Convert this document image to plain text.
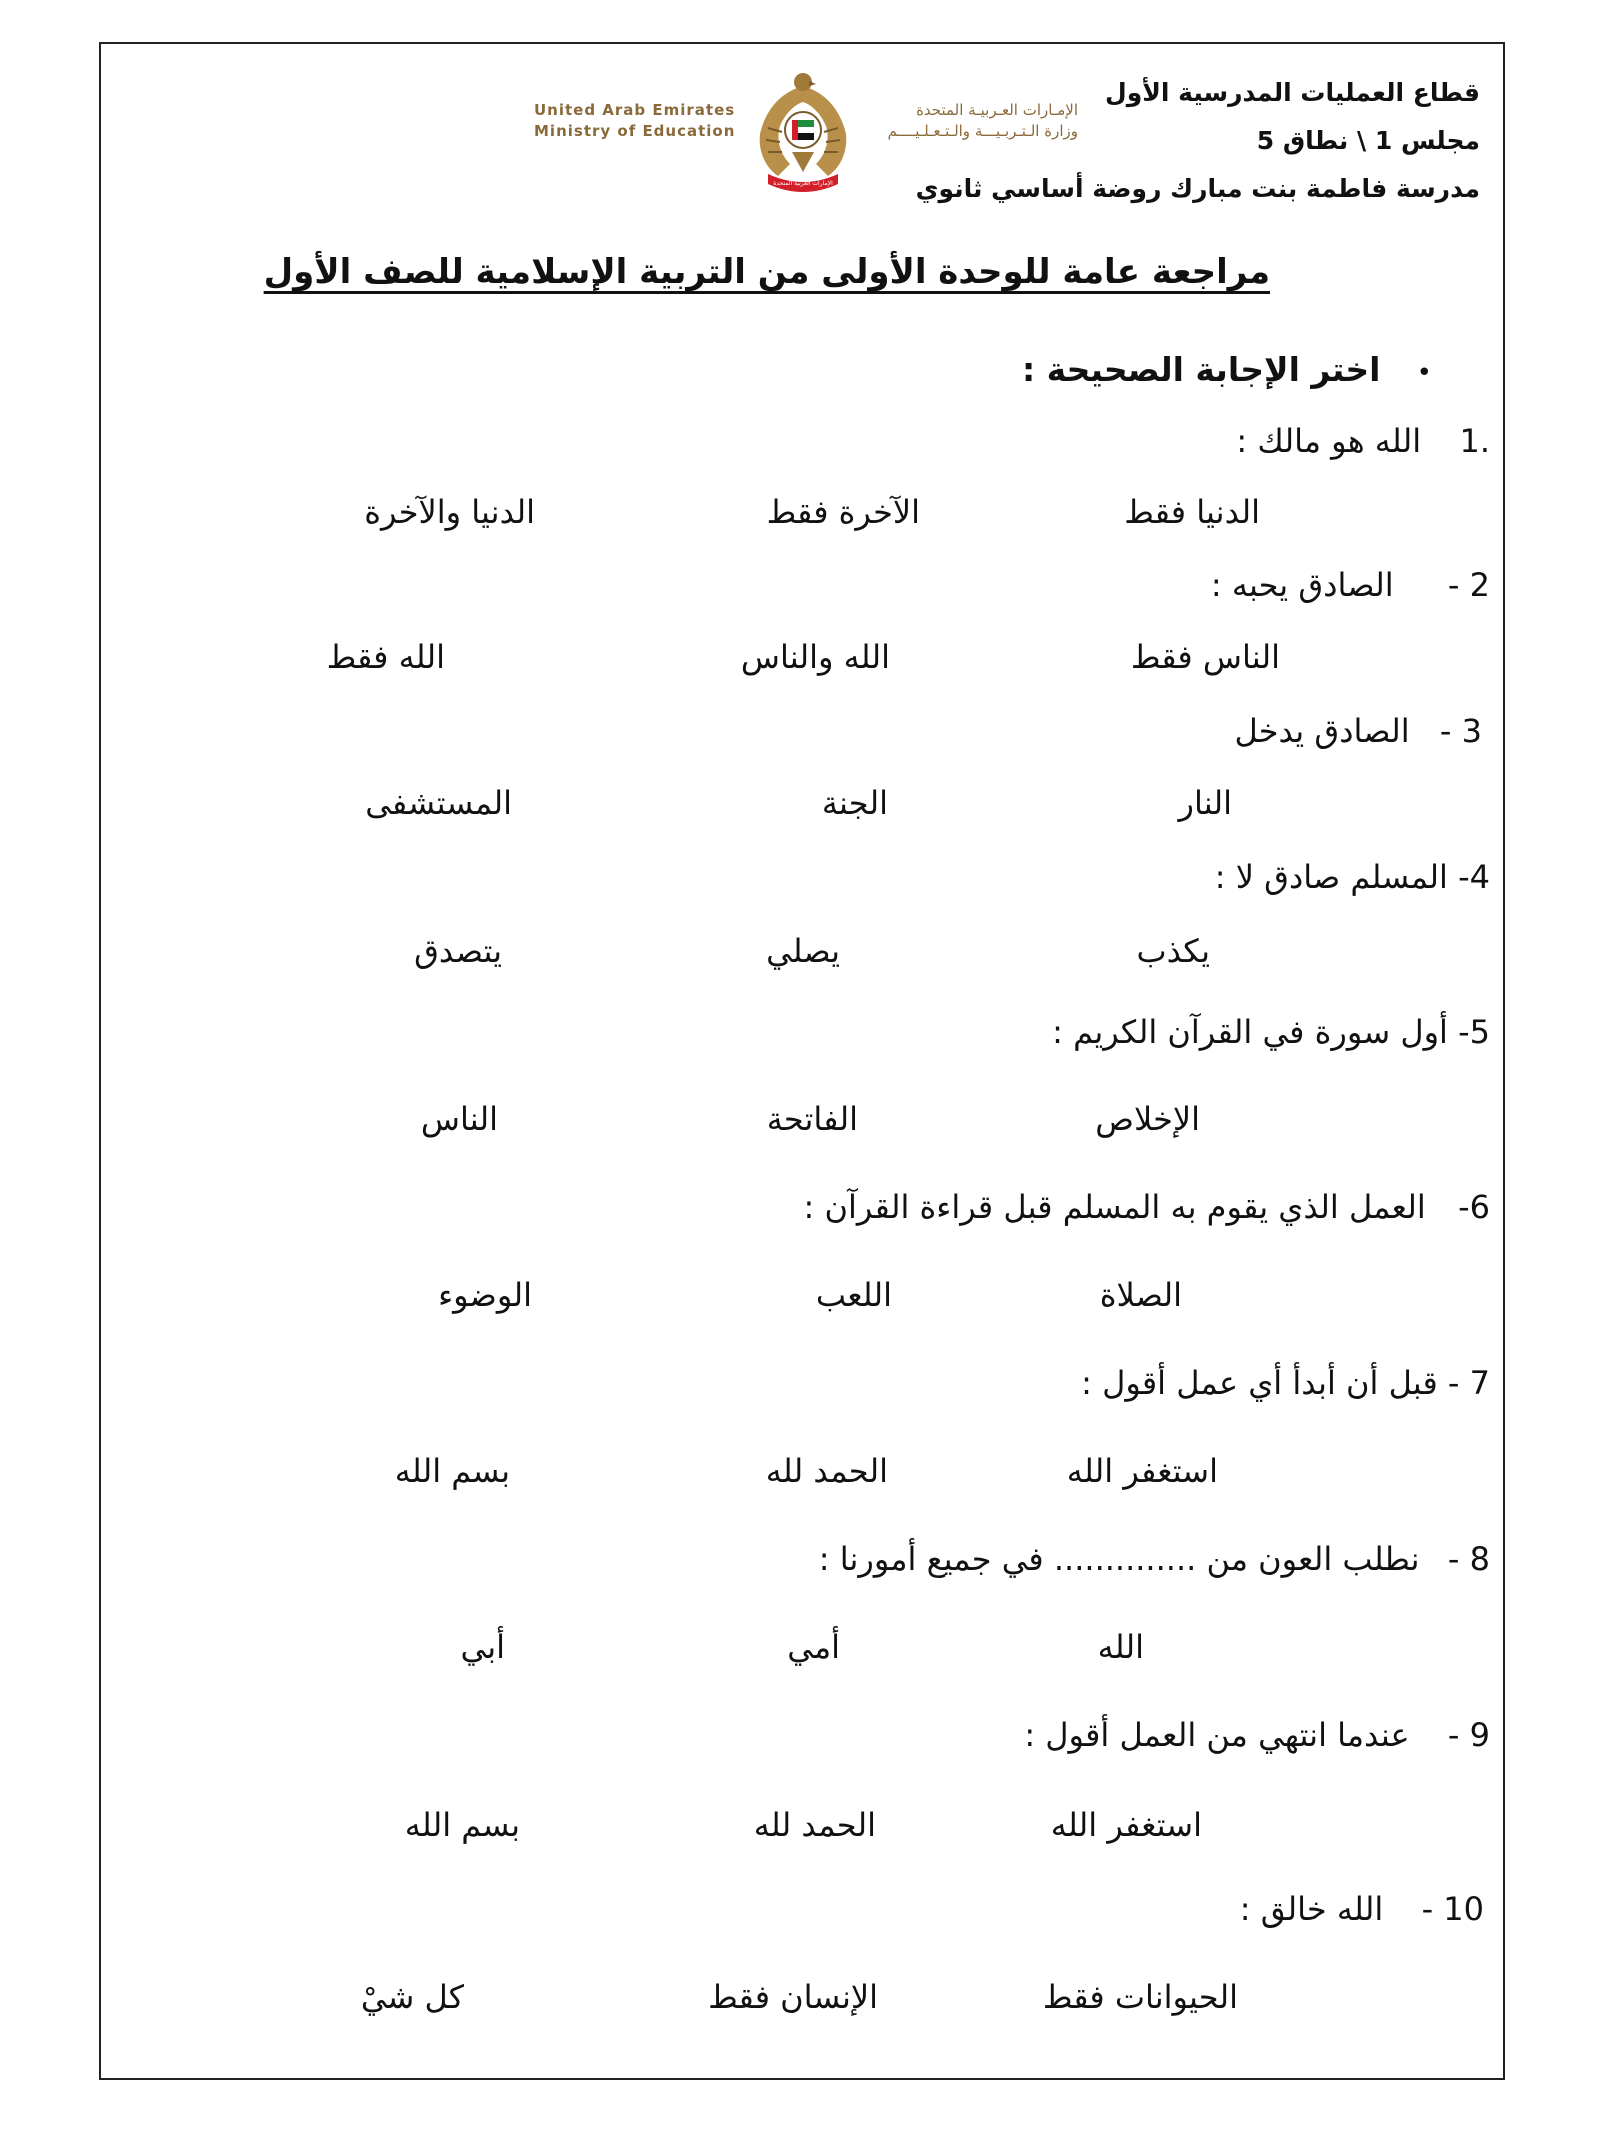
قطاع العمليات المدرسية الأول
مجلس 1 \ نطاق 5
مدرسة فاطمة بنت مبارك روضة أساسي ثانوي
United Arab Emirates
Ministry of Education
الإمـارات العـربيـة المتحدة
وزارة الـتـربـيـــة والـتـعـلـيــــم
الإمارات العربية المتحدة
مراجعة عامة للوحدة الأولى من التربية الإسلامية للصف الأول
•  اختر الإجابة الصحيحة :
.1  الله هو مالك :
الدنيا فقط
الآخرة فقط
الدنيا والآخرة
2 -  الصادق يحبه :
الناس فقط
الله والناس
الله فقط
3 -  الصادق يدخل
النار
الجنة
المستشفى
4- المسلم صادق لا :
يكذب
يصلي
يتصدق
5- أول سورة في القرآن الكريم :
الإخلاص
الفاتحة
الناس
6-  العمل الذي يقوم به المسلم قبل قراءة القرآن :
الصلاة
اللعب
الوضوء
7 - قبل أن أبدأ أي عمل أقول :
استغفر الله
الحمد لله
بسم الله
8 -  نطلب العون من .............. في جميع أمورنا :
الله
أمي
أبي
9 -  عندما انتهي من العمل أقول :
استغفر الله
الحمد لله
بسم الله
10 -  الله خالق :
الحيوانات فقط
الإنسان فقط
كل شيْ
